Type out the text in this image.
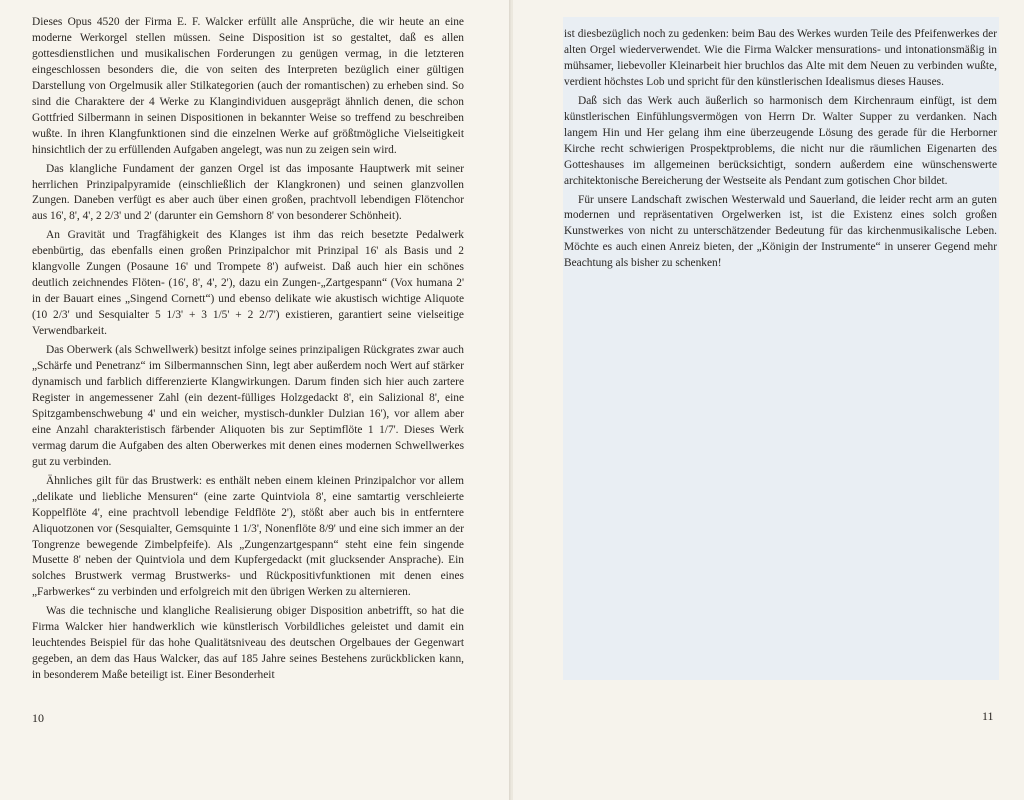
Dieses Opus 4520 der Firma E. F. Walcker erfüllt alle Ansprüche, die wir heute an eine moderne Werkorgel stellen müssen. Seine Disposition ist so gestaltet, daß es allen gottesdienstlichen und musikalischen Forderungen zu genügen vermag, in die letzteren eingeschlossen besonders die, die von seiten des Interpreten bezüglich einer gültigen Darstellung von Orgelmusik aller Stilkategorien (auch der romantischen) zu erheben sind. So sind die Charaktere der 4 Werke zu Klangindividuen ausgeprägt ähnlich denen, die schon Gottfried Silbermann in seinen Dispositionen in bekannter Weise so treffend zu beschreiben wußte. In ihren Klangfunktionen sind die einzelnen Werke auf größtmögliche Vielseitigkeit hinsichtlich der zu erfüllenden Aufgaben angelegt, was nun zu zeigen sein wird.

Das klangliche Fundament der ganzen Orgel ist das imposante Hauptwerk mit seiner herrlichen Prinzipalpyramide (einschließlich der Klangkronen) und seinen glanzvollen Zungen. Daneben verfügt es aber auch über einen großen, prachtvoll lebendigen Flötenchor aus 16', 8', 4', 2 2/3' und 2' (darunter ein Gemshorn 8' von besonderer Schönheit).

An Gravität und Tragfähigkeit des Klanges ist ihm das reich besetzte Pedalwerk ebenbürtig, das ebenfalls einen großen Prinzipalchor mit Prinzipal 16' als Basis und 2 klangvolle Zungen (Posaune 16' und Trompete 8') aufweist. Daß auch hier ein schönes deutlich zeichnendes Flöten- (16', 8', 4', 2'), dazu ein Zungen-„Zartgespann“ (Vox humana 2' in der Bauart eines „Singend Cornett“) und ebenso delikate wie akustisch wichtige Aliquote (10 2/3' und Sesquialter 5 1/3' + 3 1/5' + 2 2/7') existieren, garantiert seine vielseitige Verwendbarkeit.

Das Oberwerk (als Schwellwerk) besitzt infolge seines prinzipaligen Rückgrates zwar auch „Schärfe und Penetranz“ im Silbermannschen Sinn, legt aber außerdem noch Wert auf stärker dynamisch und farblich differenzierte Klangwirkungen. Darum finden sich hier auch zartere Register in angemessener Zahl (ein dezent-fülliges Holzgedackt 8', ein Salizional 8', eine Spitzgambenschwebung 4' und ein weicher, mystisch-dunkler Dulzian 16'), vor allem aber eine Anzahl charakteristisch färbender Aliquoten bis zur Septimflöte 1 1/7'. Dieses Werk vermag darum die Aufgaben des alten Oberwerkes mit denen eines modernen Schwellwerkes gut zu verbinden.

Ähnliches gilt für das Brustwerk: es enthält neben einem kleinen Prinzipalchor vor allem „delikate und liebliche Mensuren“ (eine zarte Quintviola 8', eine samtartig verschleierte Koppelflöte 4', eine prachtvoll lebendige Feldflöte 2'), stößt aber auch bis in entferntere Aliquotzonen vor (Sesquialter, Gemsquinte 1 1/3', Nonenflöte 8/9' und eine sich immer an der Tongrenze bewegende Zimbelpfeife). Als „Zungenzartgespann“ steht eine fein singende Musette 8' neben der Quintviola und dem Kupfergedackt (mit glucksender Ansprache). Ein solches Brustwerk vermag Brustwerks- und Rückpositivfunktionen mit denen eines „Farbwerkes“ zu verbinden und erfolgreich mit den übrigen Werken zu alternieren.

Was die technische und klangliche Realisierung obiger Disposition anbetrifft, so hat die Firma Walcker hier handwerklich wie künstlerisch Vorbildliches geleistet und damit ein leuchtendes Beispiel für das hohe Qualitätsniveau des deutschen Orgelbaues der Gegenwart gegeben, an dem das Haus Walcker, das auf 185 Jahre seines Bestehens zurückblicken kann, in besonderem Maße beteiligt ist. Einer Besonderheit

10

ist diesbezüglich noch zu gedenken: beim Bau des Werkes wurden Teile des Pfeifenwerkes der alten Orgel wiederverwendet. Wie die Firma Walcker mensurations- und intonationsmäßig in mühsamer, liebevoller Kleinarbeit hier bruchlos das Alte mit dem Neuen zu verbinden wußte, verdient höchstes Lob und spricht für den künstlerischen Idealismus dieses Hauses.

Daß sich das Werk auch äußerlich so harmonisch dem Kirchenraum einfügt, ist dem künstlerischen Einfühlungsvermögen von Herrn Dr. Walter Supper zu verdanken. Nach langem Hin und Her gelang ihm eine überzeugende Lösung des gerade für die Herborner Kirche recht schwierigen Prospektproblems, die nicht nur die räumlichen Eigenarten des Gotteshauses im allgemeinen berücksichtigt, sondern außerdem eine wünschenswerte architektonische Bereicherung der Westseite als Pendant zum gotischen Chor bildet.

Für unsere Landschaft zwischen Westerwald und Sauerland, die leider recht arm an guten modernen und repräsentativen Orgelwerken ist, ist die Existenz eines solch großen Kunstwerkes von nicht zu unterschätzender Bedeutung für das kirchenmusikalische Leben. Möchte es auch einen Anreiz bieten, der „Königin der Instrumente“ in unserer Gegend mehr Beachtung als bisher zu schenken!

11
